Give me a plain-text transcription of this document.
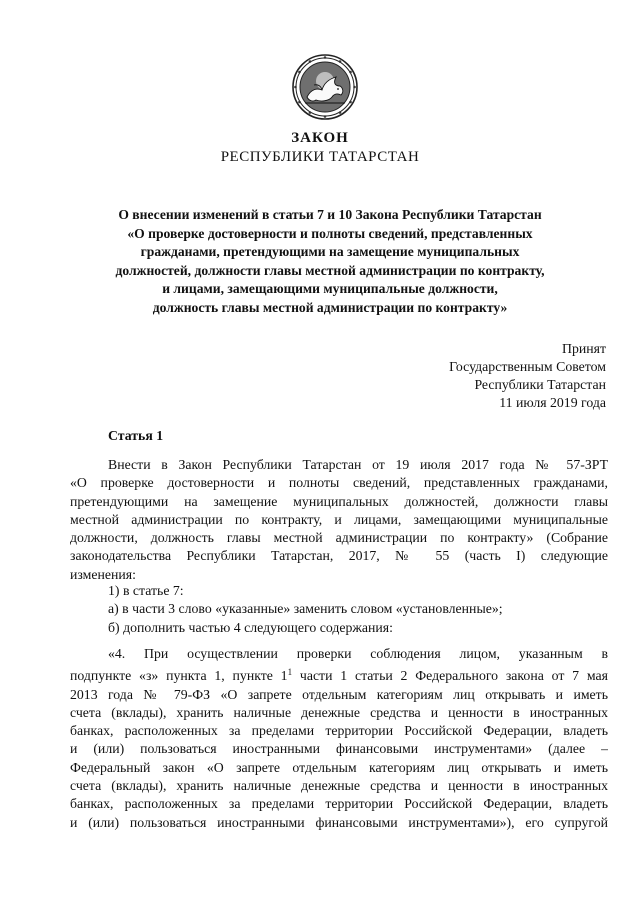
ЗАКОН
РЕСПУБЛИКИ ТАТАРСТАН
О внесении изменений в статьи 7 и 10 Закона Республики Татарстан
«О проверке достоверности и полноты сведений, представленных
гражданами, претендующими на замещение муниципальных
должностей, должности главы местной администрации по контракту,
и лицами, замещающими муниципальные должности,
должность главы местной администрации по контракту»
Принят
Государственным Советом
Республики Татарстан
11 июля 2019 года
Статья 1
Внести в Закон Республики Татарстан от 19 июля 2017 года № 57-ЗРТ
«О проверке достоверности и полноты сведений, представленных гражданами,
претендующими на замещение муниципальных должностей, должности главы
местной администрации по контракту, и лицами, замещающими муниципальные
должности, должность главы местной администрации по контракту» (Собрание
законодательства Республики Татарстан, 2017, № 55 (часть I) следующие
изменения:
1) в статье 7:
а) в части 3 слово «указанные» заменить словом «установленные»;
б) дополнить частью 4 следующего содержания:
«4. При осуществлении проверки соблюдения лицом, указанным в
подпункте «з» пункта 1, пункте $1^1$ части 1 статьи 2 Федерального закона от 7 мая
2013 года № 79-ФЗ «О запрете отдельным категориям лиц открывать и иметь
счета (вклады), хранить наличные денежные средства и ценности в иностранных
банках, расположенных за пределами территории Российской Федерации, владеть
и (или) пользоваться иностранными финансовыми инструментами» (далее –
Федеральный закон «О запрете отдельным категориям лиц открывать и иметь
счета (вклады), хранить наличные денежные средства и ценности в иностранных
банках, расположенных за пределами территории Российской Федерации, владеть
и (или) пользоваться иностранными финансовыми инструментами»), его супругой
